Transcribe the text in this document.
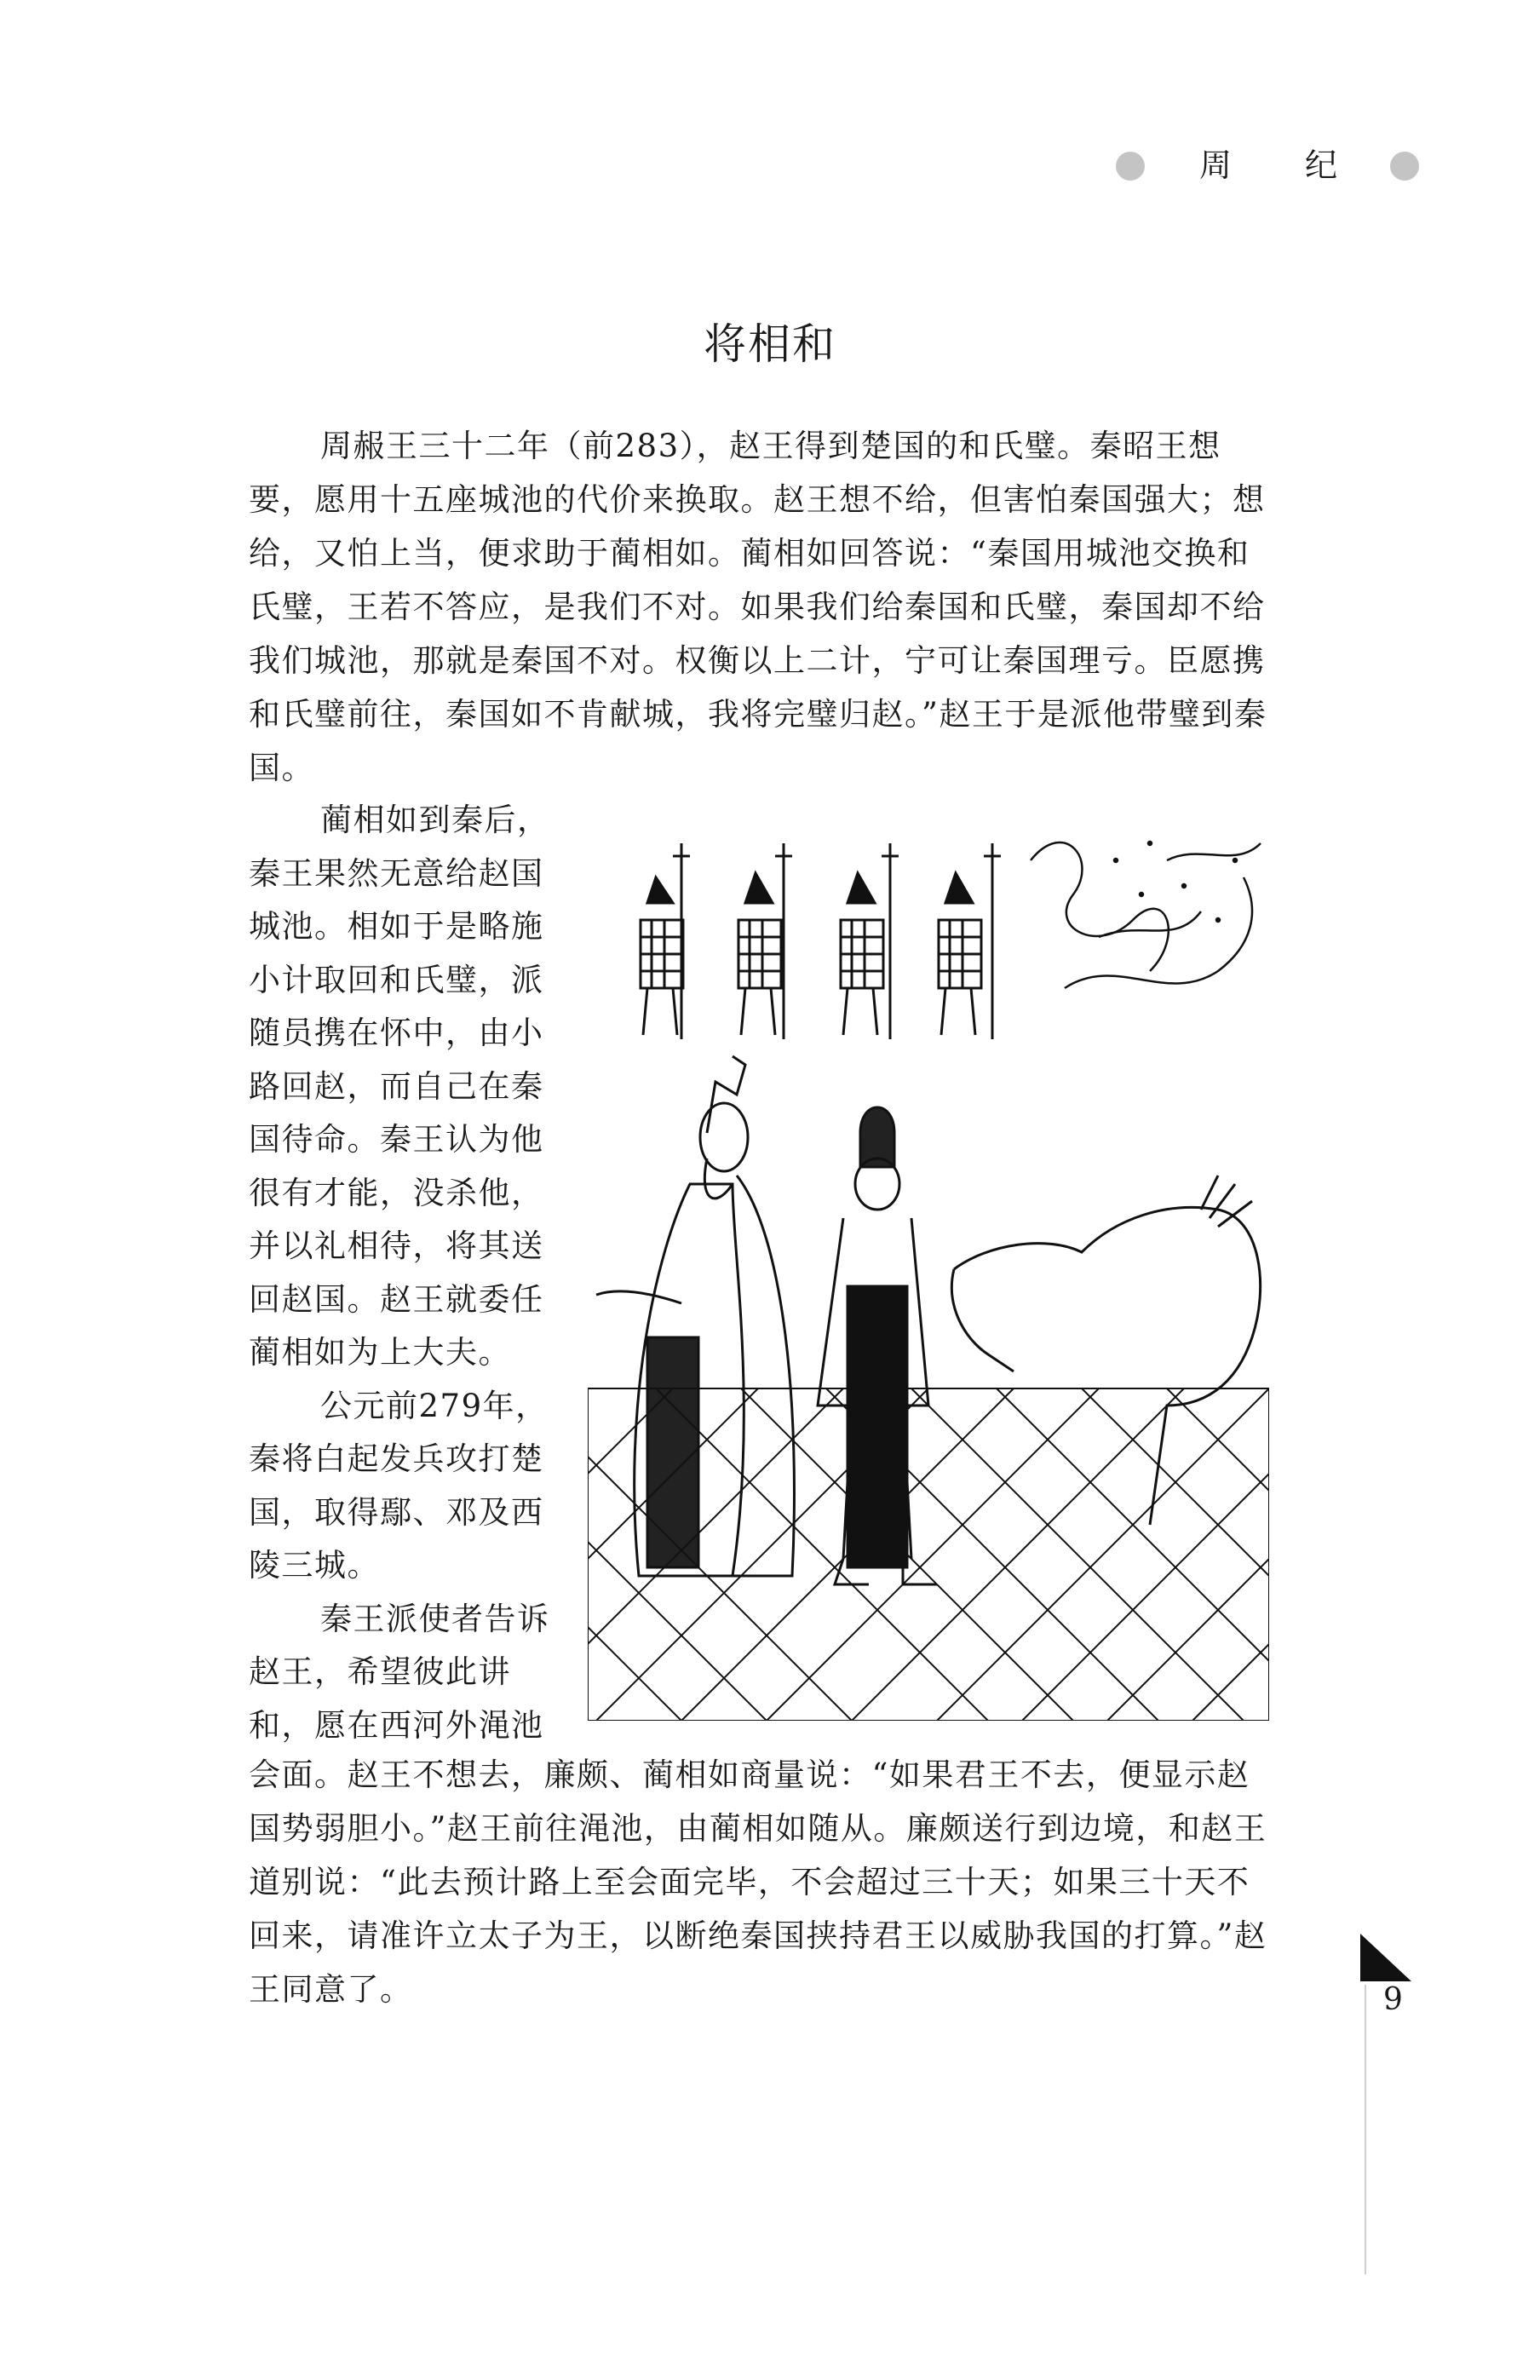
周 纪
将相和

周赧王三十二年（前283），赵王得到楚国的和氏璧。秦昭王想要，愿用十五座城池的代价来换取。赵王想不给，但害怕秦国强大；想给，又怕上当，便求助于蔺相如。蔺相如回答说：“秦国用城池交换和氏璧，王若不答应，是我们不对。如果我们给秦国和氏璧，秦国却不给我们城池，那就是秦国不对。权衡以上二计，宁可让秦国理亏。臣愿携和氏璧前往，秦国如不肯献城，我将完璧归赵。”赵王于是派他带璧到秦国。

蔺相如到秦后，秦王果然无意给赵国城池。相如于是略施小计取回和氏璧，派随员携在怀中，由小路回赵，而自己在秦国待命。秦王认为他很有才能，没杀他，并以礼相待，将其送回赵国。赵王就委任蔺相如为上大夫。

公元前279年，秦将白起发兵攻打楚国，取得鄢、邓及西陵三城。

秦王派使者告诉赵王，希望彼此讲和，愿在西河外渑池

会面。赵王不想去，廉颇、蔺相如商量说：“如果君王不去，便显示赵国势弱胆小。”赵王前往渑池，由蔺相如随从。廉颇送行到边境，和赵王道别说：“此去预计路上至会面完毕，不会超过三十天；如果三十天不回来，请准许立太子为王，以断绝秦国挟持君王以威胁我国的打算。”赵王同意了。	9
